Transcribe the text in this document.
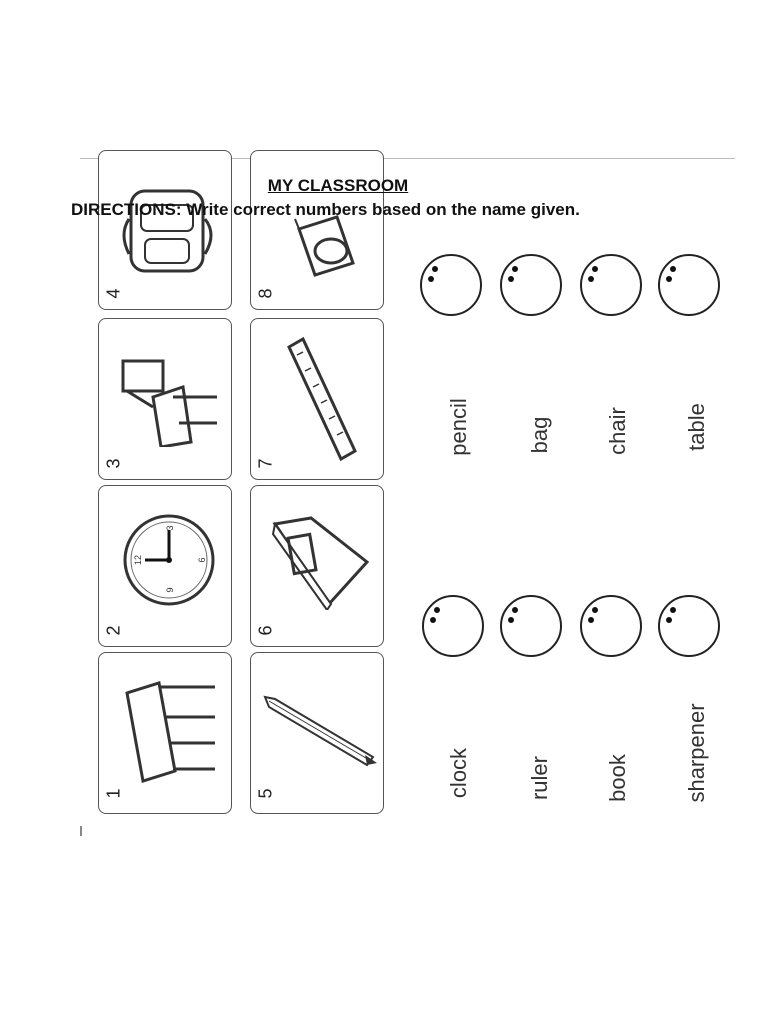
4
3
2
12	6
9
3
1
8
7
6
5
pencil	bag chair table
clock	ruler book sharpener
MY CLASSROOM
DIRECTIONS: Write correct numbers based on the name given.
